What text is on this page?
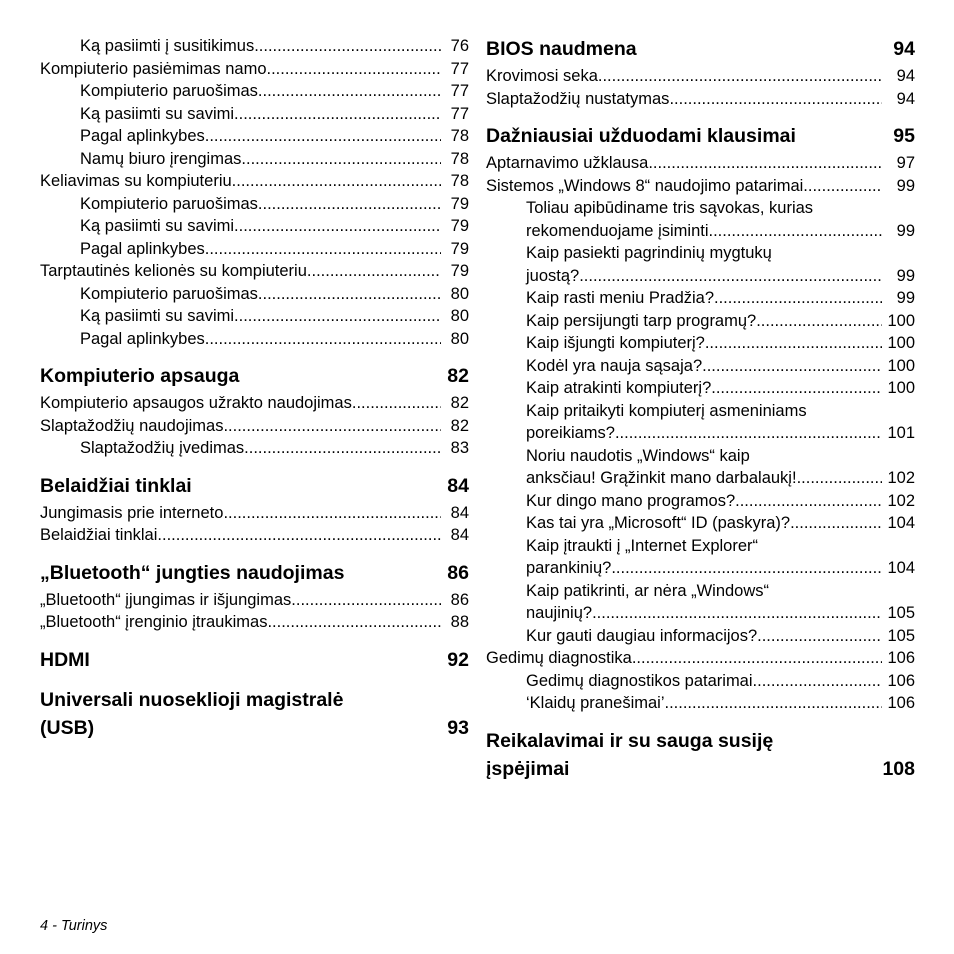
Ką pasiimti į susitikimus .....	76
Kompiuterio pasiėmimas namo .....	77
Kompiuterio paruošimas .....	77
Ką pasiimti su savimi .....	77
Pagal aplinkybes .....	78
Namų biuro įrengimas .....	78
Keliavimas su kompiuteriu .....	78
Kompiuterio paruošimas .....	79
Ką pasiimti su savimi .....	79
Pagal aplinkybes .....	79
Tarptautinės kelionės su kompiuteriu .....	79
Kompiuterio paruošimas .....	80
Ką pasiimti su savimi .....	80
Pagal aplinkybes .....	80
Kompiuterio apsauga	82
Kompiuterio apsaugos užrakto naudojimas .....	82
Slaptažodžių naudojimas .....	82
Slaptažodžių įvedimas .....	83
Belaidžiai tinklai	84
Jungimasis prie interneto .....	84
Belaidžiai tinklai .....	84
„Bluetooth“ jungties naudojimas	86
„Bluetooth“ įjungimas ir išjungimas .....	86
„Bluetooth“ įrenginio įtraukimas .....	88
HDMI	92
Universali nuoseklioji magistralė
(USB)	93
BIOS naudmena	94
Krovimosi seka .....	94
Slaptažodžių nustatymas .....	94
Dažniausiai užduodami klausimai	95
Aptarnavimo užklausa .....	97
Sistemos „Windows 8“ naudojimo patarimai .....	99
Toliau apibūdiname tris sąvokas, kurias
rekomenduojame įsiminti .....	99
Kaip pasiekti pagrindinių mygtukų
juostą? .....	99
Kaip rasti meniu Pradžia? .....	99
Kaip persijungti tarp programų? .....	100
Kaip išjungti kompiuterį? .....	100
Kodėl yra nauja sąsaja? .....	100
Kaip atrakinti kompiuterį? .....	100
Kaip pritaikyti kompiuterį asmeniniams
poreikiams? .....	101
Noriu naudotis „Windows“ kaip
anksčiau! Grąžinkit mano darbalaukį! .....	102
Kur dingo mano programos? .....	102
Kas tai yra „Microsoft“ ID (paskyra)? .....	104
Kaip įtraukti į „Internet Explorer“
parankinių? .....	104
Kaip patikrinti, ar nėra „Windows“
naujinių? .....	105
Kur gauti daugiau informacijos? .....	105
Gedimų diagnostika .....	106
Gedimų diagnostikos patarimai .....	106
‘Klaidų pranešimai’ .....	106
Reikalavimai ir su sauga susiję
įspėjimai	108
4 - Turinys
